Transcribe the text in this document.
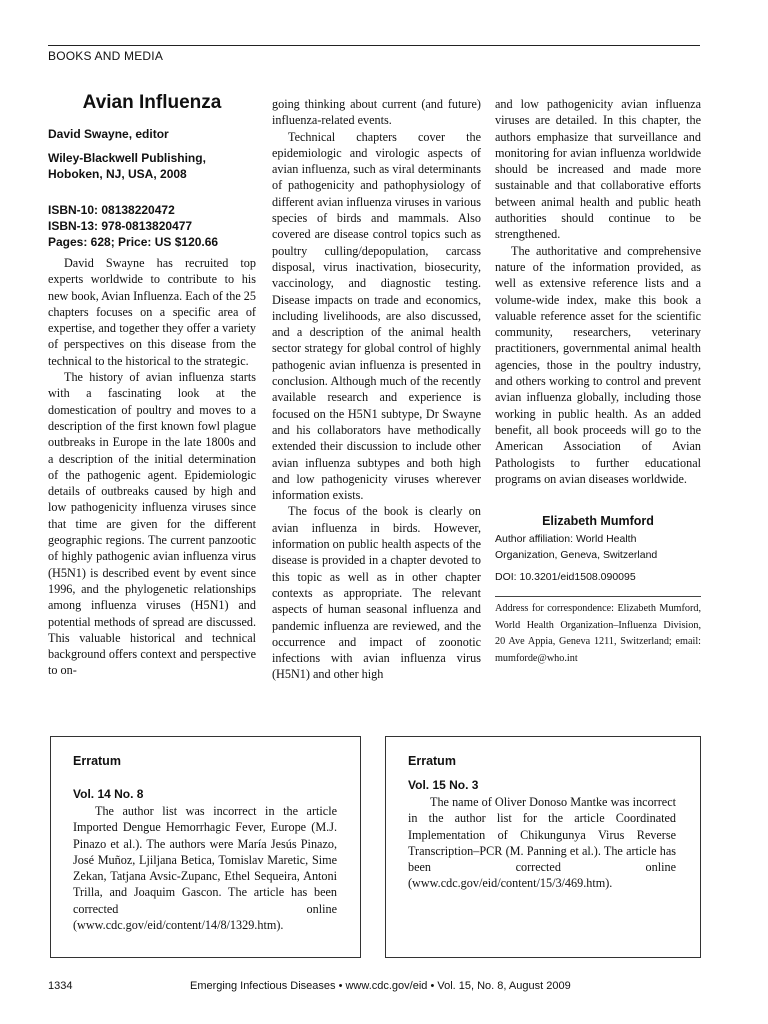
BOOKS AND MEDIA
Avian Influenza
David Swayne, editor
Wiley-Blackwell Publishing,
Hoboken, NJ, USA, 2008
ISBN-10: 08138220472
ISBN-13: 978-0813820477
Pages: 628; Price: US $120.66

David Swayne has recruited top experts worldwide to contribute to his new book, Avian Influenza. Each of the 25 chapters focuses on a specific area of expertise, and together they offer a variety of perspectives on this disease from the technical to the historical to the strategic.

The history of avian influenza starts with a fascinating look at the domestication of poultry and moves to a description of the first known fowl plague outbreaks in Europe in the late 1800s and a description of the initial determination of the pathogenic agent. Epidemiologic details of outbreaks caused by high and low pathogenicity influenza viruses since that time are given for the different geographic regions. The current panzootic of highly pathogenic avian influenza virus (H5N1) is described event by event since 1996, and the phylogenetic relationships among influenza viruses (H5N1) and potential methods of spread are discussed. This valuable historical and technical background offers context and perspective to on-

going thinking about current (and future) influenza-related events.

Technical chapters cover the epidemiologic and virologic aspects of avian influenza, such as viral determinants of pathogenicity and pathophysiology of different avian influenza viruses in various species of birds and mammals. Also covered are disease control topics such as poultry culling/depopulation, carcass disposal, virus inactivation, biosecurity, vaccinology, and diagnostic testing. Disease impacts on trade and economics, including livelihoods, are also discussed, and a description of the animal health sector strategy for global control of highly pathogenic avian influenza is presented in conclusion. Although much of the recently available research and experience is focused on the H5N1 subtype, Dr Swayne and his collaborators have methodically extended their discussion to include other avian influenza subtypes and both high and low pathogenicity viruses wherever information exists.

The focus of the book is clearly on avian influenza in birds. However, information on public health aspects of the disease is provided in a chapter devoted to this topic as well as in other chapter contexts as appropriate. The relevant aspects of human seasonal influenza and pandemic influenza are reviewed, and the occurrence and impact of zoonotic infections with avian influenza virus (H5N1) and other high

and low pathogenicity avian influenza viruses are detailed. In this chapter, the authors emphasize that surveillance and monitoring for avian influenza worldwide should be increased and made more sustainable and that collaborative efforts between animal health and public heath authorities should continue to be strengthened.

The authoritative and comprehensive nature of the information provided, as well as extensive reference lists and a volume-wide index, make this book a valuable reference asset for the scientific community, researchers, veterinary practitioners, governmental animal health agencies, those in the poultry industry, and others working to control and prevent avian influenza globally, including those working in public health. As an added benefit, all book proceeds will go to the American Association of Avian Pathologists to further educational programs on avian diseases worldwide.

Elizabeth Mumford
Author affiliation: World Health Organization, Geneva, Switzerland
DOI: 10.3201/eid1508.090095
Address for correspondence: Elizabeth Mumford, World Health Organization–Influenza Division, 20 Ave Appia, Geneva 1211, Switzerland; email: mumforde@who.int
Erratum
Vol. 14 No. 8

The author list was incorrect in the article Imported Dengue Hemorrhagic Fever, Europe (M.J. Pinazo et al.). The authors were María Jesús Pinazo, José Muñoz, Ljiljana Betica, Tomislav Maretic, Sime Zekan, Tatjana Avsic-Zupanc, Ethel Sequeira, Antoni Trilla, and Joaquim Gascon. The article has been corrected online (www.cdc.gov/eid/content/14/8/1329.htm).

Erratum
Vol. 15 No. 3

The name of Oliver Donoso Mantke was incorrect in the author list for the article Coordinated Implementation of Chikungunya Virus Reverse Transcription–PCR (M. Panning et al.). The article has been corrected online (www.cdc.gov/eid/content/15/3/469.htm).

1334	Emerging Infectious Diseases • www.cdc.gov/eid • Vol. 15, No. 8, August 2009
